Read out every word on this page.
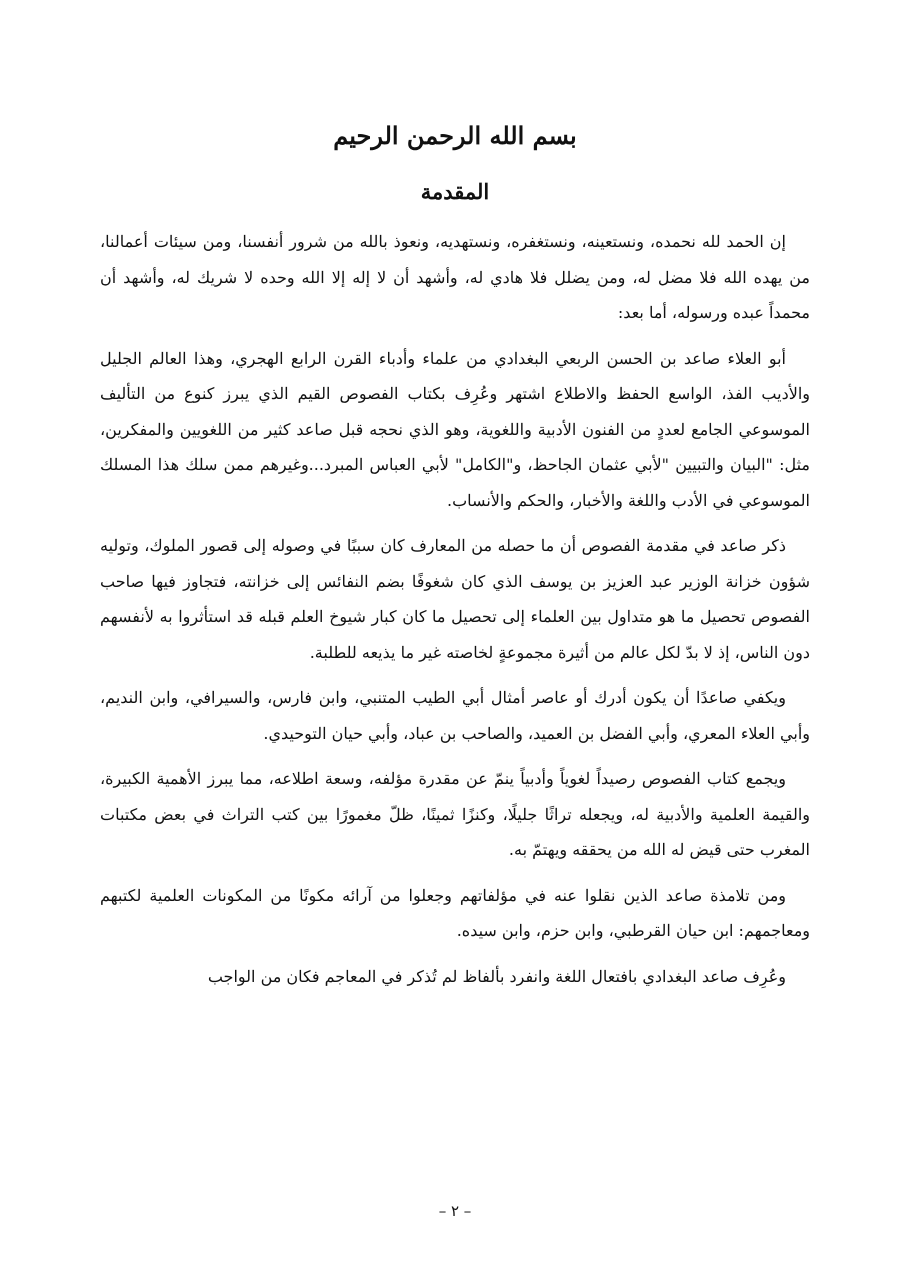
بسم الله الرحمن الرحيم
المقدمة

إن الحمد لله نحمده، ونستعينه، ونستغفره، ونستهديه، ونعوذ بالله من شرور أنفسنا، ومن سيئات أعمالنا، من يهده الله فلا مضل له، ومن يضلل فلا هادي له، وأشهد أن لا إله إلا الله وحده لا شريك له، وأشهد أن محمداً عبده ورسوله، أما بعد:

أبو العلاء صاعد بن الحسن الربعي البغدادي من علماء وأدباء القرن الرابع الهجري، وهذا العالم الجليل والأديب الفذ، الواسع الحفظ والاطلاع اشتهر وعُرِف بكتاب الفصوص القيم الذي يبرز كنوع من التأليف الموسوعي الجامع لعددٍ من الفنون الأدبية واللغوية، وهو الذي نحجه قبل صاعد كثير من اللغويين والمفكرين، مثل: "البيان والتبيين "لأبي عثمان الجاحظ، و"الكامل" لأبي العباس المبرد...وغيرهم ممن سلك هذا المسلك الموسوعي في الأدب واللغة والأخبار، والحكم والأنساب.

ذكر صاعد في مقدمة الفصوص أن ما حصله من المعارف كان سببًا في وصوله إلى قصور الملوك، وتوليه شؤون خزانة الوزير عبد العزيز بن يوسف الذي كان شغوفًا بضم النفائس إلى خزانته، فتجاوز فيها صاحب الفصوص تحصيل ما هو متداول بين العلماء إلى تحصيل ما كان كبار شيوخ العلم قبله قد استأثروا به لأنفسهم دون الناس، إذ لا بدّ لكل عالم من أثيرة مجموعةٍ لخاصته غير ما يذيعه للطلبة.

ويكفي صاعدًا أن يكون أدرك أو عاصر أمثال أبي الطيب المتنبي، وابن فارس، والسيرافي، وابن النديم، وأبي العلاء المعري، وأبي الفضل بن العميد، والصاحب بن عباد، وأبي حيان التوحيدي.

ويجمع كتاب الفصوص رصيداً لغوياً وأدبياً ينمّ عن مقدرة مؤلفه، وسعة اطلاعه، مما يبرز الأهمية الكبيرة، والقيمة العلمية والأدبية له، ويجعله تراثًا جليلًا، وكنزًا ثمينًا، ظلّ مغمورًا بين كتب التراث في بعض مكتبات المغرب حتى قيض له الله من يحققه ويهتمّ به.

ومن تلامذة صاعد الذين نقلوا عنه في مؤلفاتهم وجعلوا من آرائه مكونًا من المكونات العلمية لكتبهم ومعاجمهم: ابن حيان القرطبي، وابن حزم، وابن سيده.

وعُرِف صاعد البغدادي بافتعال اللغة وانفرد بألفاظ لم تُذكر في المعاجم فكان من الواجب

– ٢ –
